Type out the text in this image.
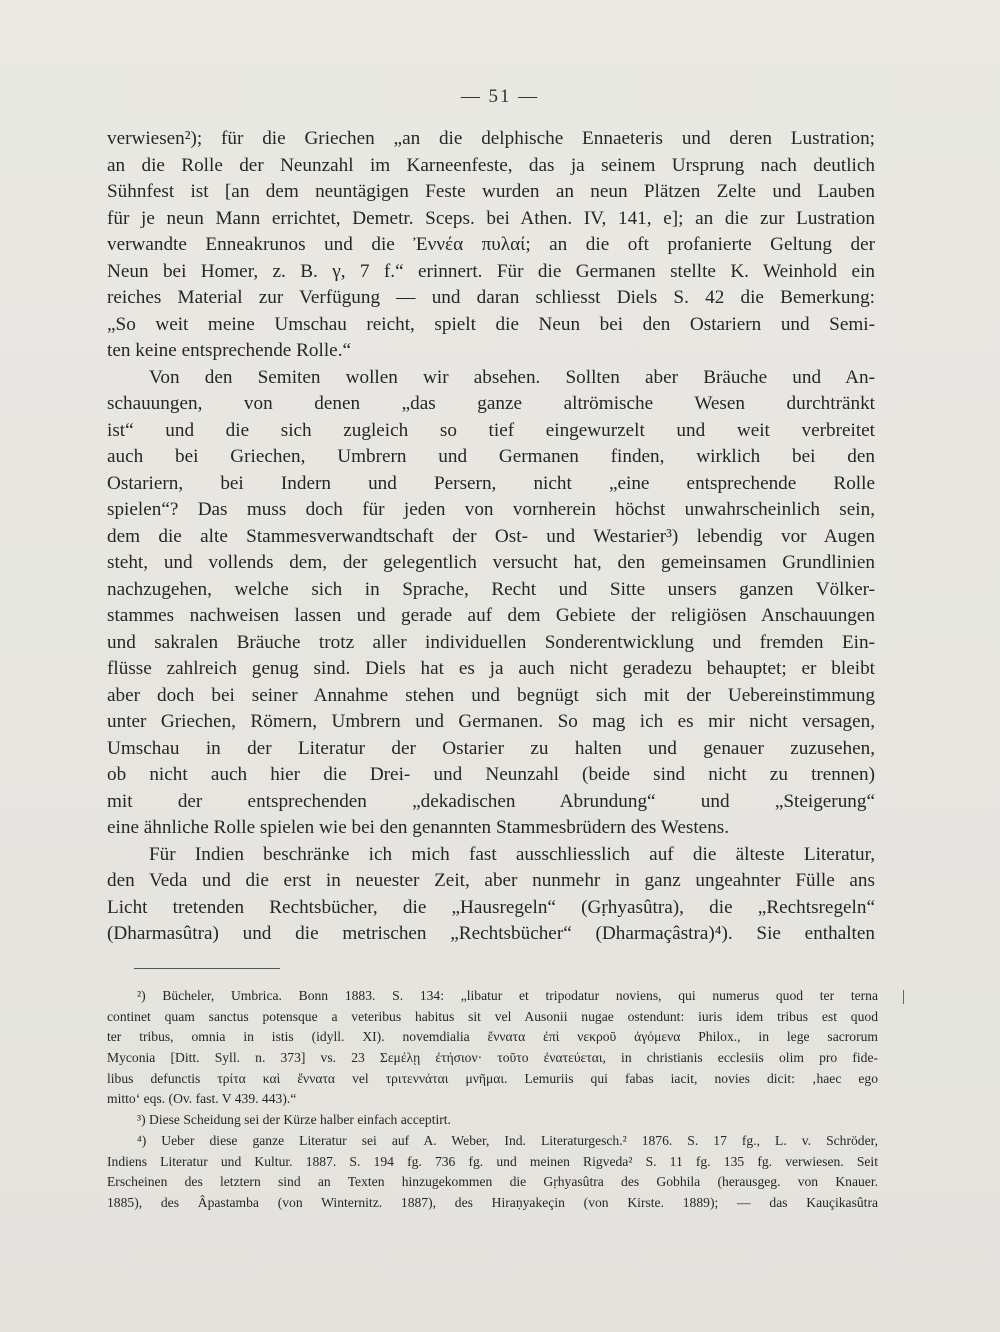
— 51 —
verwiesen²); für die Griechen „an die delphische Ennaeteris und deren Lustration;
an die Rolle der Neunzahl im Karneenfeste, das ja seinem Ursprung nach deutlich
Sühnfest ist [an dem neuntägigen Feste wurden an neun Plätzen Zelte und Lauben
für je neun Mann errichtet, Demetr. Sceps. bei Athen. IV, 141, e]; an die zur Lustration
verwandte Enneakrunos und die Ἐννέα πυλαί; an die oft profanierte Geltung der
Neun bei Homer, z. B. γ, 7 f.“ erinnert. Für die Germanen stellte K. Weinhold ein
reiches Material zur Verfügung — und daran schliesst Diels S. 42 die Bemerkung:
„So weit meine Umschau reicht, spielt die Neun bei den Ostariern und Semi-
ten keine entsprechende Rolle.“
Von den Semiten wollen wir absehen. Sollten aber Bräuche und An-
schauungen, von denen „das ganze altrömische Wesen durchtränkt
ist“ und die sich zugleich so tief eingewurzelt und weit verbreitet
auch bei Griechen, Umbrern und Germanen finden, wirklich bei den
Ostariern, bei Indern und Persern, nicht „eine entsprechende Rolle
spielen“? Das muss doch für jeden von vornherein höchst unwahrscheinlich sein,
dem die alte Stammesverwandtschaft der Ost- und Westarier³) lebendig vor Augen
steht, und vollends dem, der gelegentlich versucht hat, den gemeinsamen Grundlinien
nachzugehen, welche sich in Sprache, Recht und Sitte unsers ganzen Völker-
stammes nachweisen lassen und gerade auf dem Gebiete der religiösen Anschauungen
und sakralen Bräuche trotz aller individuellen Sonderentwicklung und fremden Ein-
flüsse zahlreich genug sind. Diels hat es ja auch nicht geradezu behauptet; er bleibt
aber doch bei seiner Annahme stehen und begnügt sich mit der Uebereinstimmung
unter Griechen, Römern, Umbrern und Germanen. So mag ich es mir nicht versagen,
Umschau in der Literatur der Ostarier zu halten und genauer zuzusehen,
ob nicht auch hier die Drei- und Neunzahl (beide sind nicht zu trennen)
mit der entsprechenden „dekadischen Abrundung“ und „Steigerung“
eine ähnliche Rolle spielen wie bei den genannten Stammesbrüdern des Westens.
Für Indien beschränke ich mich fast ausschliesslich auf die älteste Literatur,
den Veda und die erst in neuester Zeit, aber nunmehr in ganz ungeahnter Fülle ans
Licht tretenden Rechtsbücher, die „Hausregeln“ (Gṛhyasûtra), die „Rechtsregeln“
(Dharmasûtra) und die metrischen „Rechtsbücher“ (Dharmaçâstra)⁴). Sie enthalten
²) Bücheler, Umbrica. Bonn 1883. S. 134: „libatur et tripodatur noviens, qui numerus quod ter terna
continet quam sanctus potensque a veteribus habitus sit vel Ausonii nugae ostendunt: iuris idem tribus est quod
ter tribus, omnia in istis (idyll. XI). novemdialia ἔννατα ἐπὶ νεκροῦ ἀγόμενα Philox., in lege sacrorum
Myconia [Ditt. Syll. n. 373] vs. 23 Σεμέλῃ ἐτήσιον· τοῦτο ἐνατεύεται, in christianis ecclesiis olim pro fide-
libus defunctis τρίτα καὶ ἔννατα vel τριτεννάται μνῆμαι. Lemuriis qui fabas iacit, novies dicit: ‚haec ego
mitto‘ eqs. (Ov. fast. V 439. 443).“
³) Diese Scheidung sei der Kürze halber einfach acceptirt.
⁴) Ueber diese ganze Literatur sei auf A. Weber, Ind. Literaturgesch.² 1876. S. 17 fg., L. v. Schröder,
Indiens Literatur und Kultur. 1887. S. 194 fg. 736 fg. und meinen Rigveda² S. 11 fg. 135 fg. verwiesen. Seit
Erscheinen des letztern sind an Texten hinzugekommen die Gṛhyasûtra des Gobhila (herausgeg. von Knauer.
1885), des Âpastamba (von Winternitz. 1887), des Hiraṇyakeçin (von Kirste. 1889); — das Kauçikasûtra
